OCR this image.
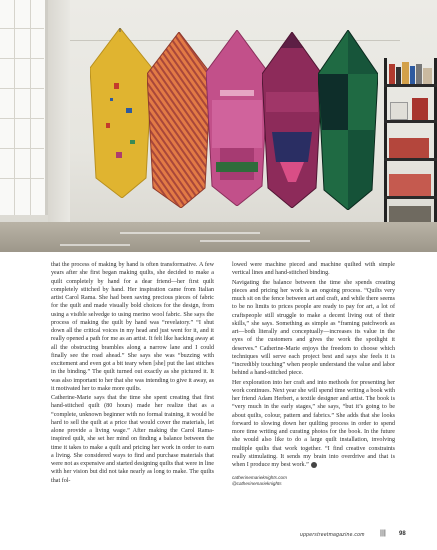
that the process of making by hand is often transformative. A few years after she first began making quilts, she decided to make a quilt completely by hand for a dear friend—her first quilt completely stitched by hand. Her inspiration came from Italian artist Carol Rama. She had been saving precious pieces of fabric for the quilt and made visually bold choices for the design, from using a visible selvedge to using merino wool fabric. She says the process of making the quilt by hand was “revelatory.” “I shut down all the critical voices in my head and just went for it, and it really opened a path for me as an artist. It felt like hacking away at all the obstructing brambles along a narrow lane and I could finally see the road ahead.” She says she was “buzzing with excitement and even got a bit teary when [she] put the last stitches in the binding.” The quilt turned out exactly as she pictured it. It was also important to her that she was intending to give it away, as it motivated her to make more quilts.

Catherine-Marie says that the time she spent creating that first hand-stitched quilt (80 hours) made her realize that as a “complete, unknown beginner with no formal training, it would be hard to sell the quilt at a price that would cover the materials, let alone provide a living wage.” After making the Carol Rama-inspired quilt, she set her mind on finding a balance between the time it takes to make a quilt and pricing her work in order to earn a living. She considered ways to find and purchase materials that were not as expensive and started designing quilts that were in line with her vision but did not take nearly as long to make. The quilts that fol-

lowed were machine pieced and machine quilted with simple vertical lines and hand-stitched binding.

Navigating the balance between the time she spends creating pieces and pricing her work is an ongoing process. “Quilts very much sit on the fence between art and craft, and while there seems to be no limits to prices people are ready to pay for art, a lot of craftspeople still struggle to make a decent living out of their skills,” she says. Something as simple as “framing patchwork as art—both literally and conceptually—increases its value in the eyes of the customers and gives the work the spotlight it deserves.” Catherine-Marie enjoys the freedom to choose which techniques will serve each project best and says she feels it is “incredibly touching” when people understand the value and labor behind a hand-stitched piece.

Her exploration into her craft and into methods for presenting her work continues. Next year she will spend time writing a book with her friend Adam Herbert, a textile designer and artist. The book is “very much in the early stages,” she says, “but it’s going to be about quilts, colour, pattern and fabrics.” She adds that she looks forward to slowing down her quilting process in order to spend more time writing and curating photos for the book. In the future she would also like to do a large quilt installation, involving multiple quilts that work together. “I find creative constraints really stimulating. It sends my brain into overdrive and that is when I produce my best work.”

catherinemarieknights.com
@catherinemarieknights
upperstreetmagazine.com ||| 98
